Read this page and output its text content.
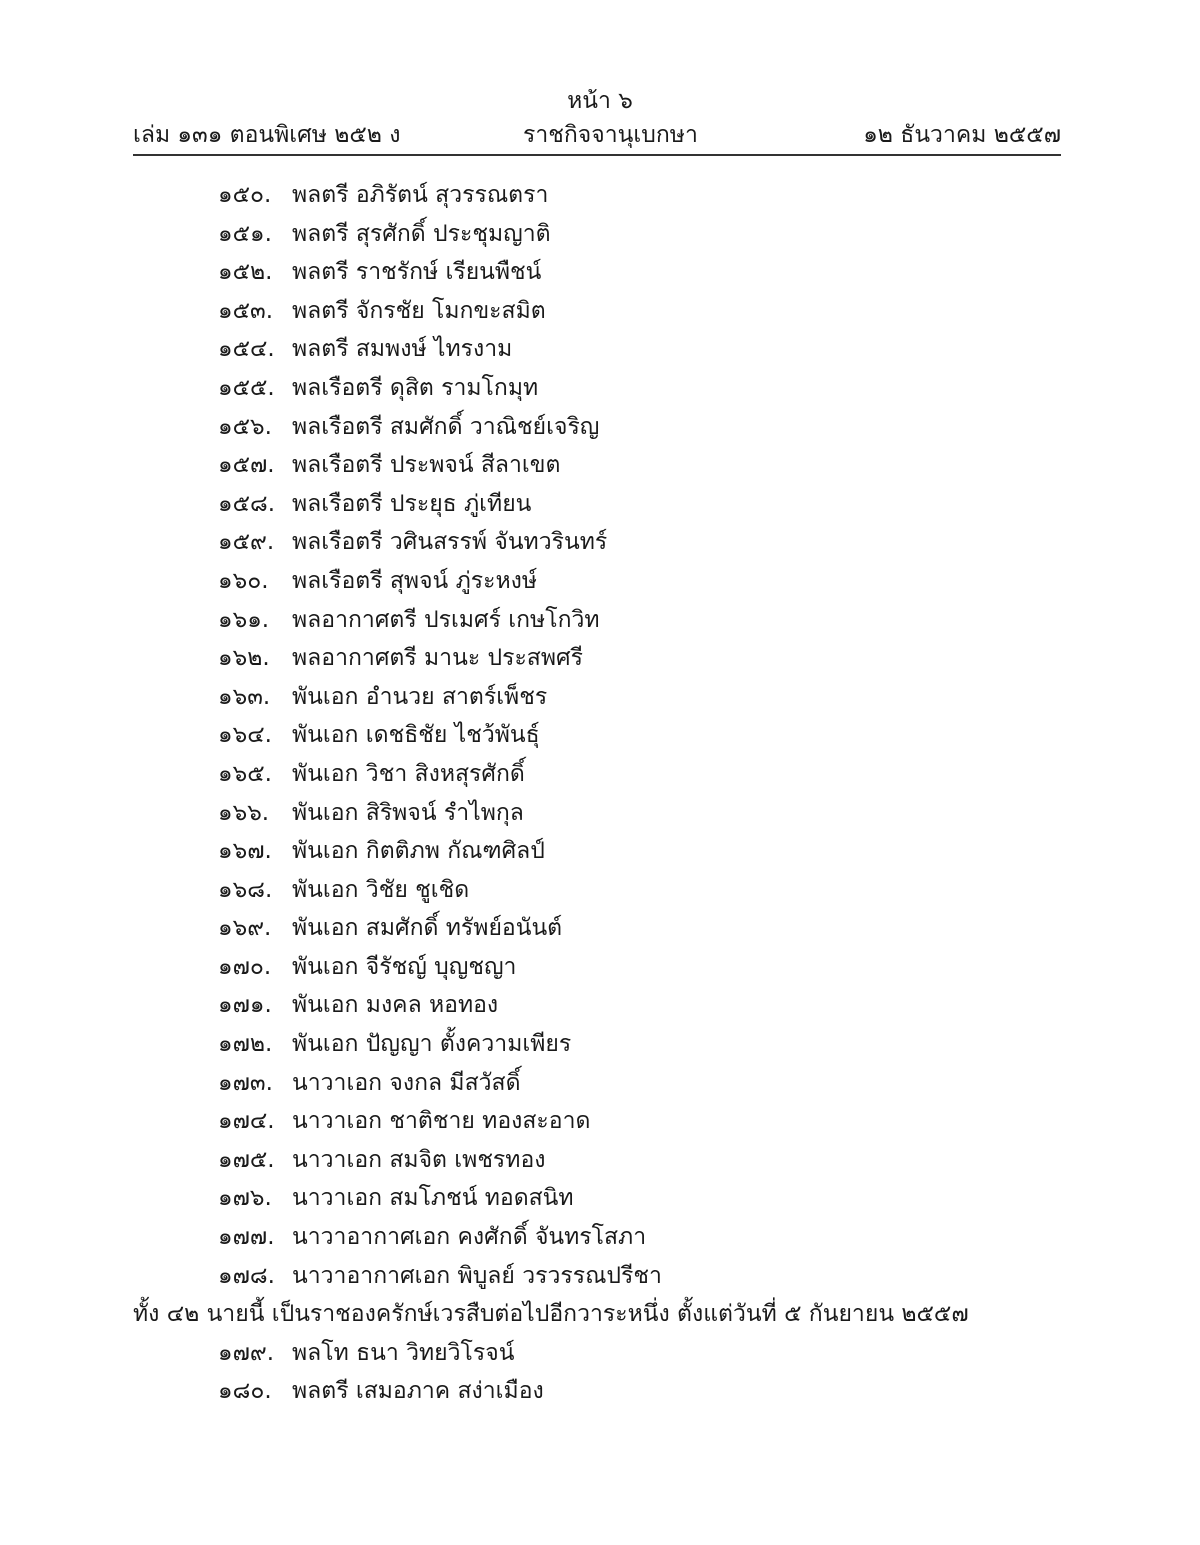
หน้า ๖
เล่ม ๑๓๑ ตอนพิเศษ ๒๕๒ ง	ราชกิจจานุเบกษา	๑๒ ธันวาคม ๒๕๕๗
๑๕๐. พลตรี อภิรัตน์ สุวรรณตรา
๑๕๑. พลตรี สุรศักดิ์ ประชุมญาติ
๑๕๒. พลตรี ราชรักษ์ เรียนพืชน์
๑๕๓. พลตรี จักรชัย โมกขะสมิต
๑๕๔. พลตรี สมพงษ์ ไทรงาม
๑๕๕. พลเรือตรี ดุสิต รามโกมุท
๑๕๖. พลเรือตรี สมศักดิ์ วาณิชย์เจริญ
๑๕๗. พลเรือตรี ประพจน์ สีลาเขต
๑๕๘. พลเรือตรี ประยุธ ภู่เทียน
๑๕๙. พลเรือตรี วศินสรรพ์ จันทวรินทร์
๑๖๐. พลเรือตรี สุพจน์ ภู่ระหงษ์
๑๖๑. พลอากาศตรี ปรเมศร์ เกษโกวิท
๑๖๒. พลอากาศตรี มานะ ประสพศรี
๑๖๓. พันเอก อำนวย สาตร์เพ็ชร
๑๖๔. พันเอก เดชธิชัย ไชว้พันธุ์
๑๖๕. พันเอก วิชา สิงหสุรศักดิ์
๑๖๖. พันเอก สิริพจน์ รำไพกุล
๑๖๗. พันเอก กิตติภพ กัณฑศิลป์
๑๖๘. พันเอก วิชัย ชูเชิด
๑๖๙. พันเอก สมศักดิ์ ทรัพย์อนันต์
๑๗๐. พันเอก จีรัชญ์ บุญชญา
๑๗๑. พันเอก มงคล หอทอง
๑๗๒. พันเอก ปัญญา ตั้งความเพียร
๑๗๓. นาวาเอก จงกล มีสวัสดิ์
๑๗๔. นาวาเอก ชาติชาย ทองสะอาด
๑๗๕. นาวาเอก สมจิต เพชรทอง
๑๗๖. นาวาเอก สมโภชน์ ทอดสนิท
๑๗๗. นาวาอากาศเอก คงศักดิ์ จันทรโสภา
๑๗๘. นาวาอากาศเอก พิบูลย์ วรวรรณปรีชา
ทั้ง ๔๒ นายนี้ เป็นราชองครักษ์เวรสืบต่อไปอีกวาระหนึ่ง ตั้งแต่วันที่ ๕ กันยายน ๒๕๕๗
๑๗๙. พลโท ธนา วิทยวิโรจน์
๑๘๐. พลตรี เสมอภาค สง่าเมือง
